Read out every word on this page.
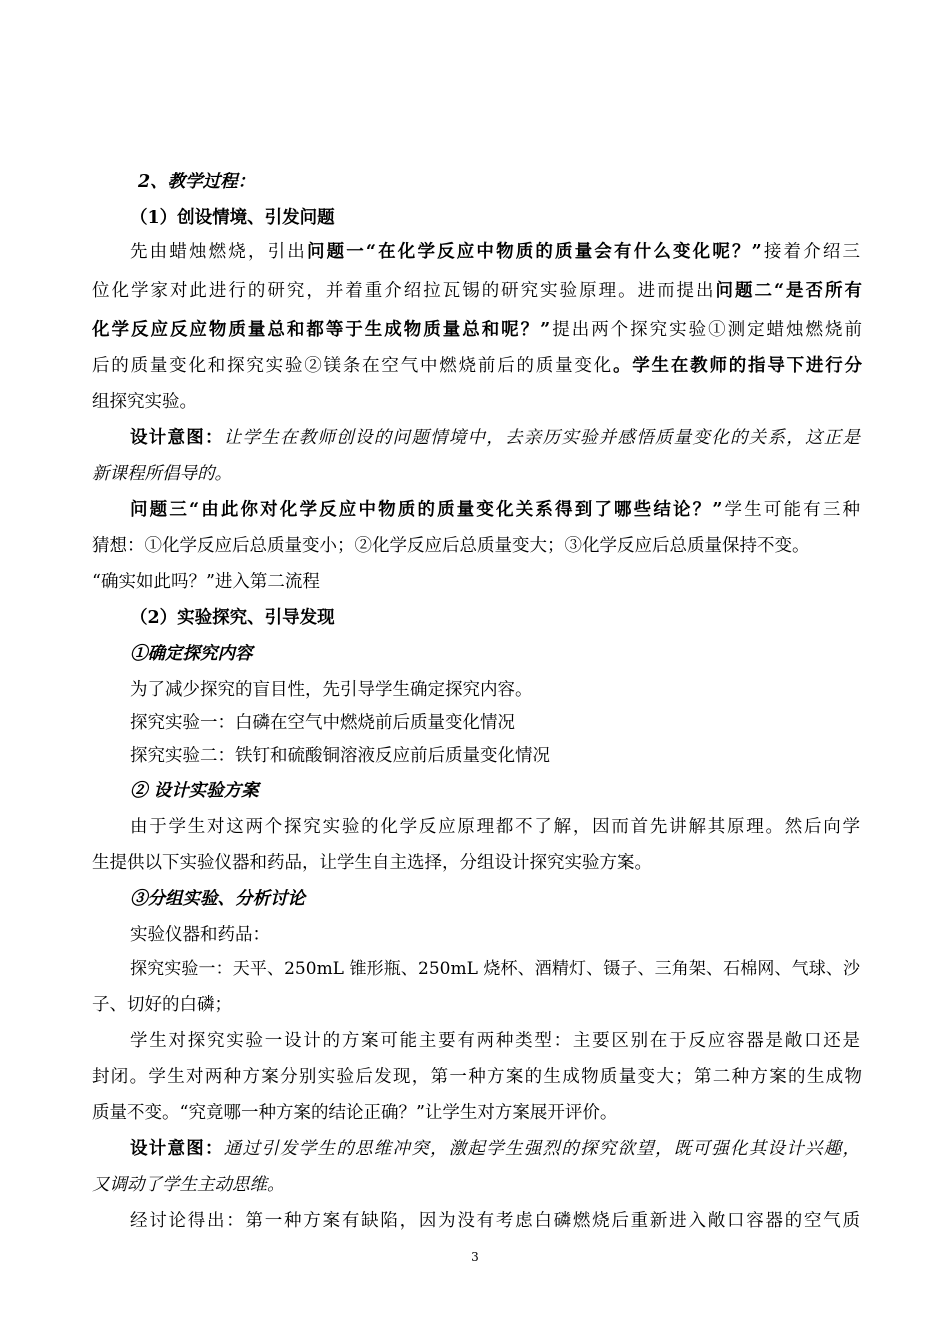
2、教学过程：
（1）创设情境、引发问题
先由蜡烛燃烧，引出问题一“在化学反应中物质的质量会有什么变化呢？”接着介绍三
位化学家对此进行的研究，并着重介绍拉瓦锡的研究实验原理。进而提出问题二“是否所有
化学反应反应物质量总和都等于生成物质量总和呢？”提出两个探究实验①测定蜡烛燃烧前
后的质量变化和探究实验②镁条在空气中燃烧前后的质量变化。学生在教师的指导下进行分
组探究实验。
设计意图：让学生在教师创设的问题情境中，去亲历实验并感悟质量变化的关系，这正是
新课程所倡导的。
问题三“由此你对化学反应中物质的质量变化关系得到了哪些结论？”学生可能有三种
猜想：①化学反应后总质量变小；②化学反应后总质量变大；③化学反应后总质量保持不变。
“确实如此吗？”进入第二流程
（2）实验探究、引导发现
①确定探究内容
为了减少探究的盲目性，先引导学生确定探究内容。
探究实验一：白磷在空气中燃烧前后质量变化情况
探究实验二：铁钉和硫酸铜溶液反应前后质量变化情况
② 设计实验方案
由于学生对这两个探究实验的化学反应原理都不了解，因而首先讲解其原理。然后向学
生提供以下实验仪器和药品，让学生自主选择，分组设计探究实验方案。
③分组实验、分析讨论
实验仪器和药品：
探究实验一：天平、250mL 锥形瓶、250mL 烧杯、酒精灯、镊子、三角架、石棉网、气球、沙
子、切好的白磷；
学生对探究实验一设计的方案可能主要有两种类型：主要区别在于反应容器是敞口还是
封闭。学生对两种方案分别实验后发现，第一种方案的生成物质量变大；第二种方案的生成物
质量不变。“究竟哪一种方案的结论正确？”让学生对方案展开评价。
设计意图：通过引发学生的思维冲突，激起学生强烈的探究欲望，既可强化其设计兴趣，
又调动了学生主动思维。
经讨论得出：第一种方案有缺陷，因为没有考虑白磷燃烧后重新进入敞口容器的空气质
3
